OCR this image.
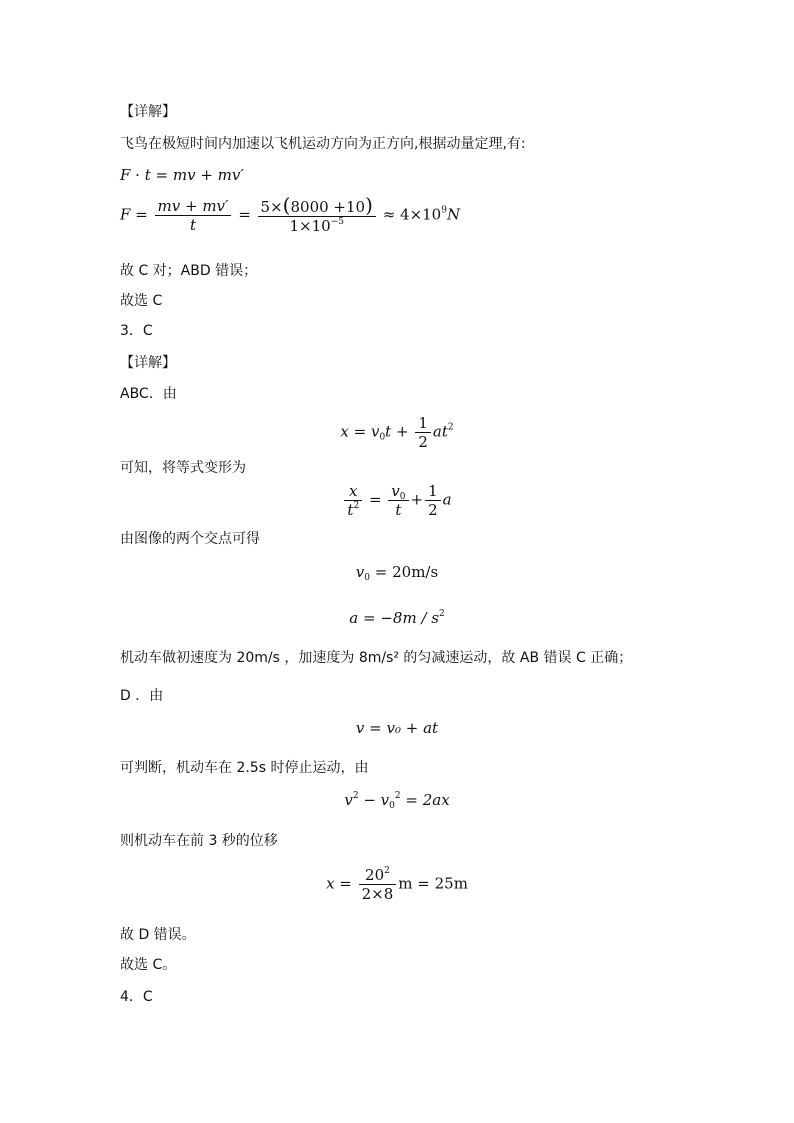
【详解】
飞鸟在极短时间内加速以飞机运动方向为正方向,根据动量定理,有:
F · t = mv + mv′
$F = \frac{mv + mv'}{t} = \frac{5\times(8000 +10)}{1\times 10^{-5}} \approx 4\times 10^9N$
故 C 对；ABD 错误；
故选 C
3．C
【详解】
ABC．由
$x = v_0t + \frac{1}{2} at^2$
可知，将等式变形为
$\frac{x}{t^2} = \frac{v_0}{t} + \frac{1}{2}$ a
由图像的两个交点可得
$v_0 = 20m/s$
$a = -8m / s^2$
机动车做初速度为 20m/s ，加速度为 8m/s² 的匀减速运动，故 AB 错误 C 正确；
D ．由
v = v₀ + at
可判断，机动车在 2.5s 时停止运动，由
$v^2 - v_0^2 = 2ax$
则机动车在前 3 秒的位移
$x = \frac{20^2}{2\times 8}$ m = 25m
故 D 错误。
故选 C。
4．C
